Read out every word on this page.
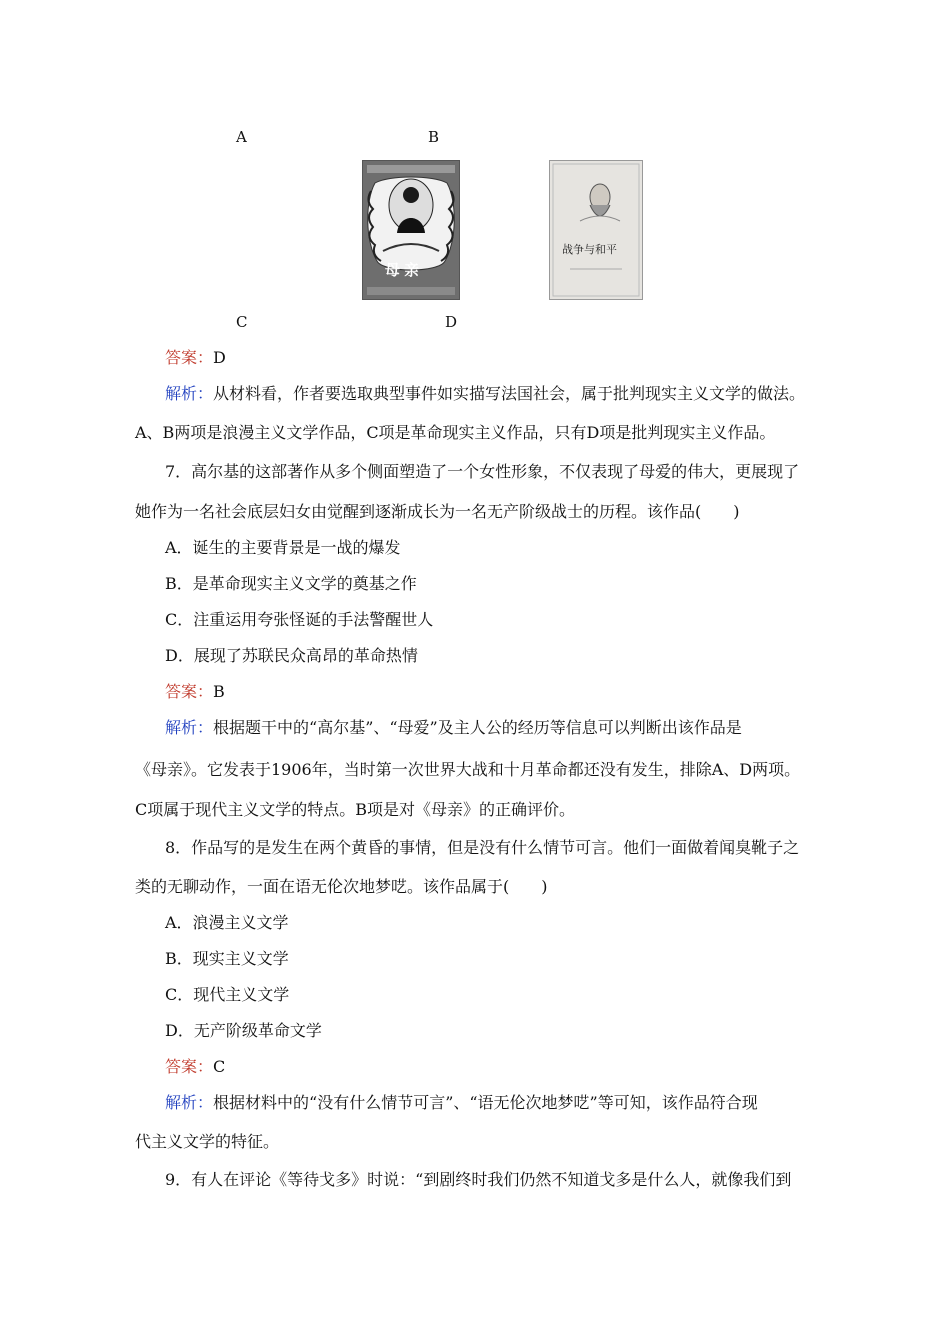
A	B
C	D
母亲
战争与和平
答案：D
解析：从材料看，作者要选取典型事件如实描写法国社会，属于批判现实主义文学的做法。
A、B两项是浪漫主义文学作品，C项是革命现实主义作品，只有D项是批判现实主义作品。
7．高尔基的这部著作从多个侧面塑造了一个女性形象，不仅表现了母爱的伟大，更展现了
她作为一名社会底层妇女由觉醒到逐渐成长为一名无产阶级战士的历程。该作品(　　)
A．诞生的主要背景是一战的爆发
B．是革命现实主义文学的奠基之作
C．注重运用夸张怪诞的手法警醒世人
D．展现了苏联民众高昂的革命热情
答案：B
解析：根据题干中的“高尔基”、“母爱”及主人公的经历等信息可以判断出该作品是
《母亲》。它发表于1906年，当时第一次世界大战和十月革命都还没有发生，排除A、D两项。
C项属于现代主义文学的特点。B项是对《母亲》的正确评价。
8．作品写的是发生在两个黄昏的事情，但是没有什么情节可言。他们一面做着闻臭靴子之
类的无聊动作，一面在语无伦次地梦呓。该作品属于(　　)
A．浪漫主义文学
B．现实主义文学
C．现代主义文学
D．无产阶级革命文学
答案：C
解析：根据材料中的“没有什么情节可言”、“语无伦次地梦呓”等可知，该作品符合现
代主义文学的特征。
9．有人在评论《等待戈多》时说：“到剧终时我们仍然不知道戈多是什么人，就像我们到
